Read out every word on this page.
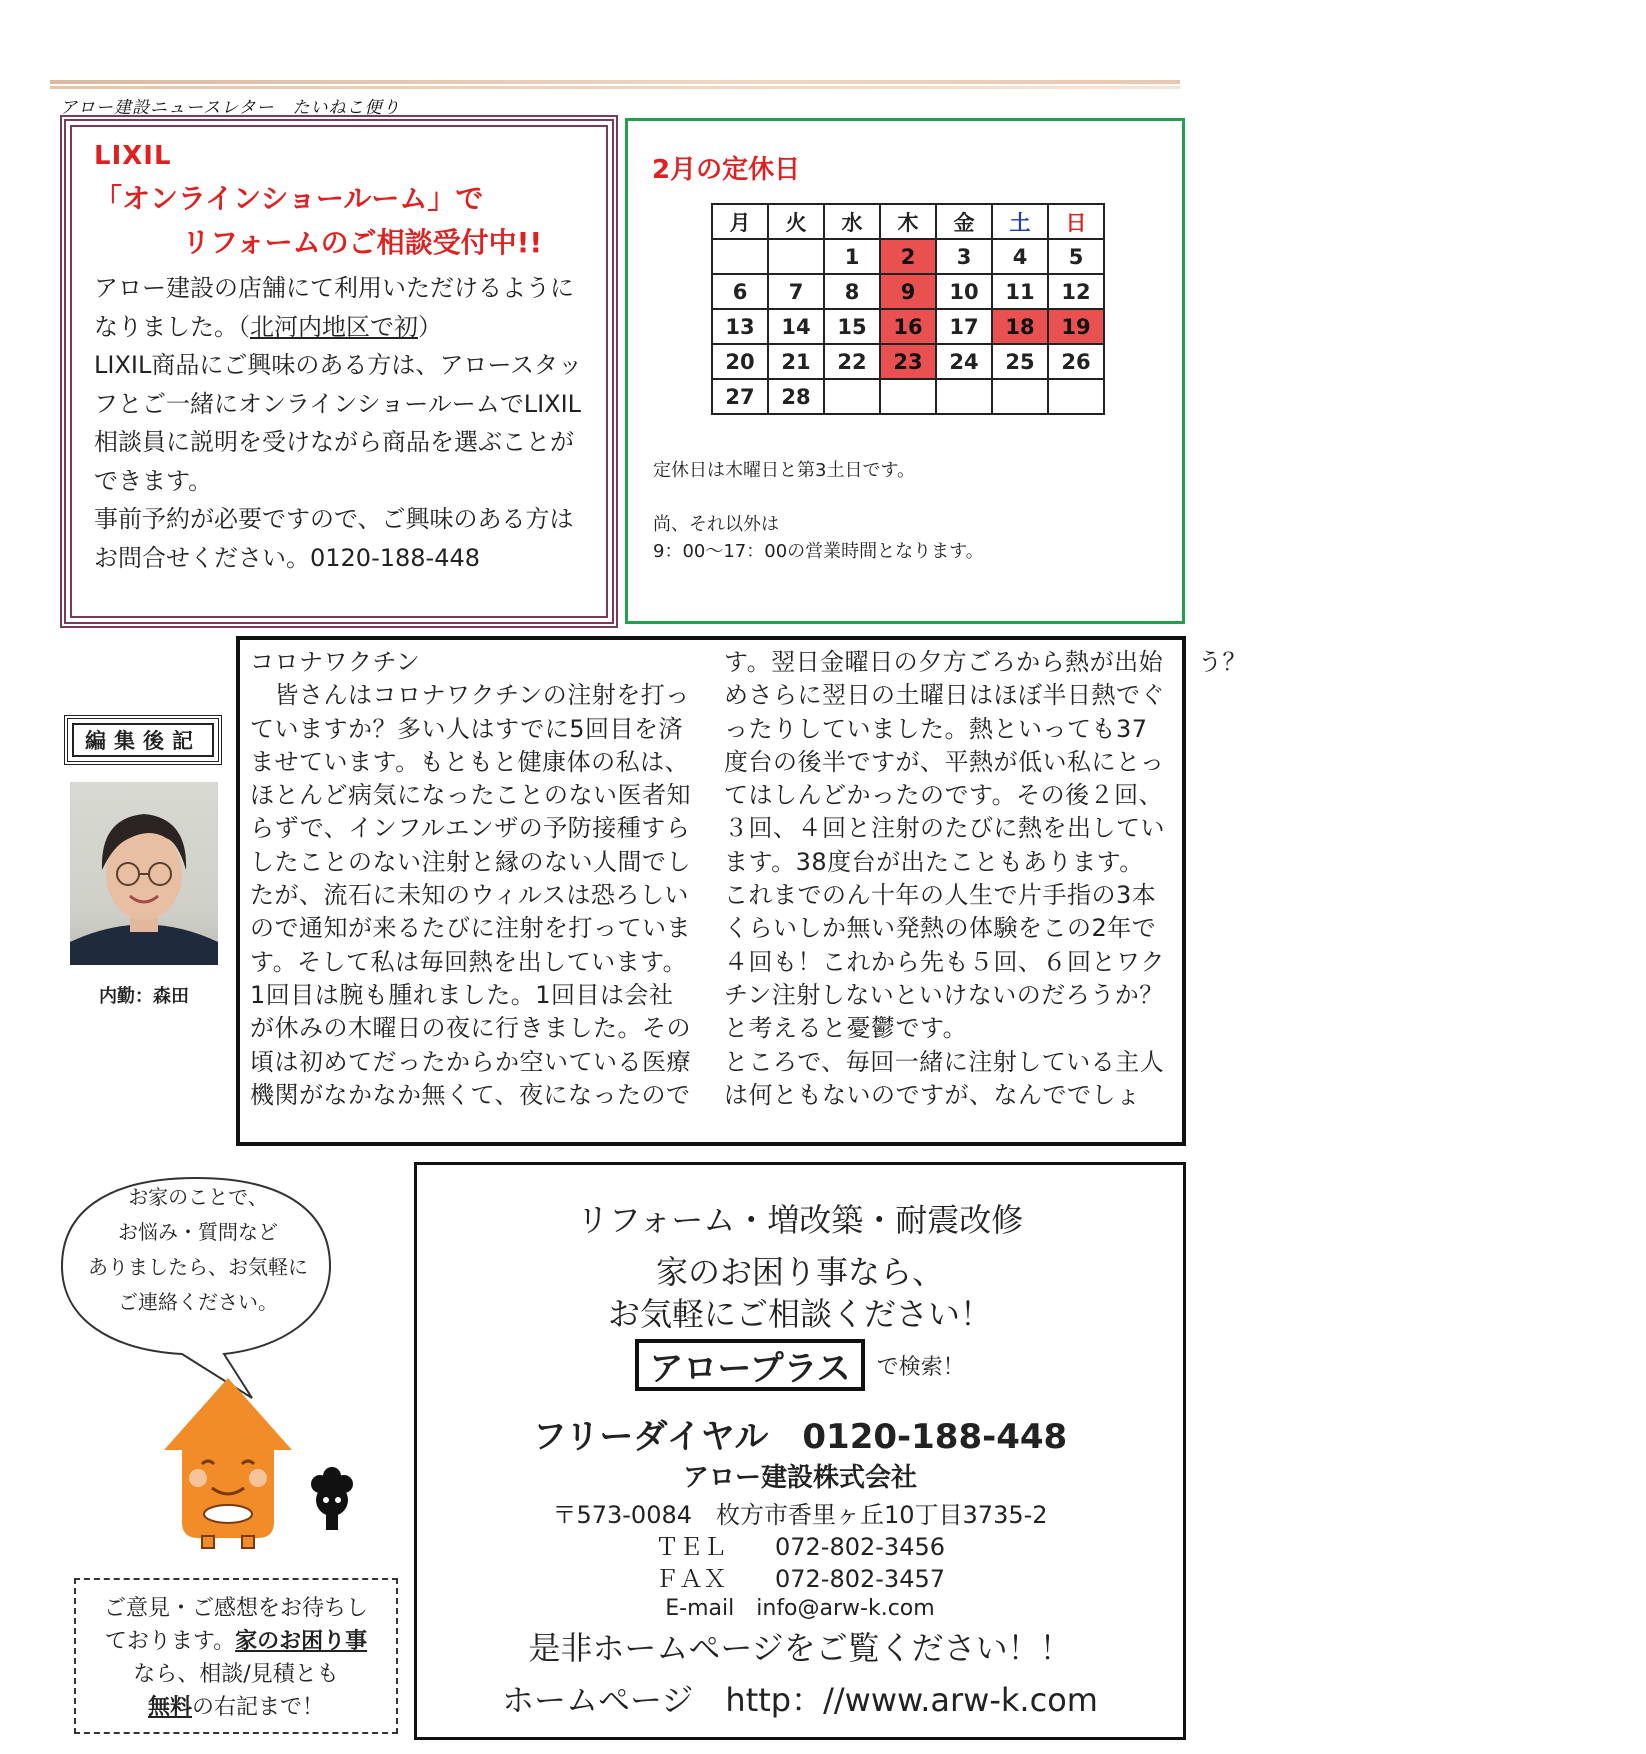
アロー建設ニュースレター　たいねこ便り
LIXIL
「オンラインショールーム」で
リフォームのご相談受付中!!
アロー建設の店舗にて利用いただけるようになりました。（北河内地区で初）
LIXIL商品にご興味のある方は、アロースタッフとご一緒にオンラインショールームでLIXIL相談員に説明を受けながら商品を選ぶことができます。
事前予約が必要ですので、ご興味のある方はお問合せください。0120-188-448
2月の定休日
月	火	水	木	金	土	日
		1	2	3	4	5
6	7	8	9	10	11	12
13	14	15	16	17	18	19
20	21	22	23	24	25	26
27	28					
定休日は木曜日と第3土日です。
尚、それ以外は
9：00～17：00の営業時間となります。
編集後記
内勤：森田

コロナワクチン

　皆さんはコロナワクチンの注射を打っていますか？多い人はすでに5回目を済ませています。もともと健康体の私は、ほとんど病気になったことのない医者知らずで、インフルエンザの予防接種すらしたことのない注射と縁のない人間でしたが、流石に未知のウィルスは恐ろしいので通知が来るたびに注射を打っています。そして私は毎回熱を出しています。1回目は腕も腫れました。1回目は会社が休みの木曜日の夜に行きました。その頃は初めてだったからか空いている医療機関がなかなか無くて、夜になったのです。翌日金曜日の夕方ごろから熱が出始めさらに翌日の土曜日はほぼ半日熱でぐったりしていました。熱といっても37度台の後半ですが、平熱が低い私にとってはしんどかったのです。その後２回、３回、４回と注射のたびに熱を出しています。38度台が出たこともあります。

これまでのん十年の人生で片手指の3本くらいしか無い発熱の体験をこの2年で４回も！これから先も５回、６回とワクチン注射しないといけないのだろうか？と考えると憂鬱です。

ところで、毎回一緒に注射している主人は何ともないのですが、なんででしょう？

お家のことで、
お悩み・質問など
ありましたら、お気軽に
ご連絡ください。
ご意見・ご感想をお待ちし
ております。家のお困り事
なら、相談/見積とも
無料の右記まで！
リフォーム・増改築・耐震改修
家のお困り事なら、
お気軽にご相談ください！
アロープラス	で検索！
フリーダイヤル　0120-188-448
アロー建設株式会社
〒573-0084　枚方市香里ヶ丘10丁目3735-2
ＴＥＬ　　072-802-3456
ＦＡＸ　　072-802-3457
E-mail　info@arw-k.com
是非ホームページをご覧ください！！
ホームページ　http：//www.arw-k.com
